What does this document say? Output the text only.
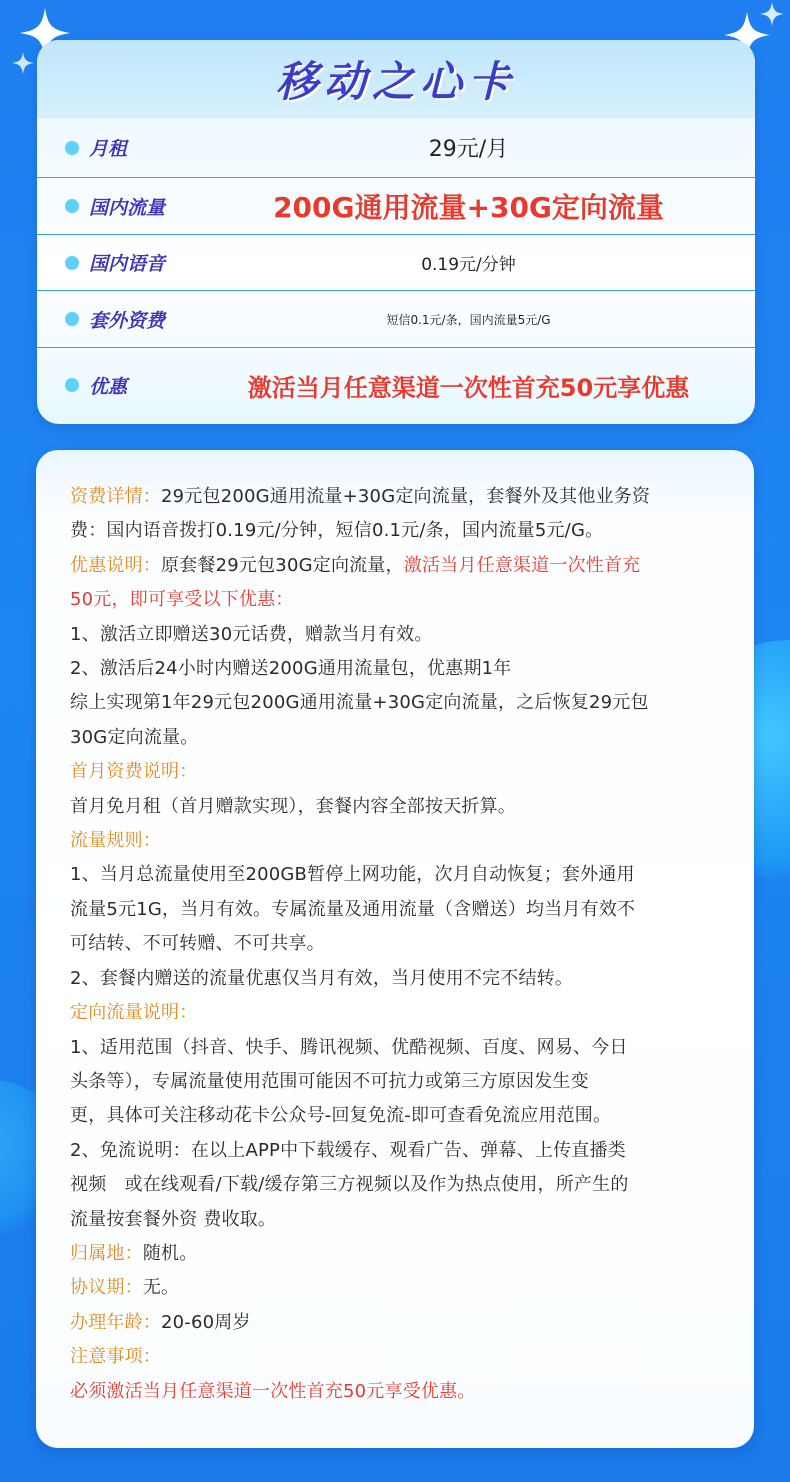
移动之心卡
月租	29元/月
国内流量	200G通用流量+30G定向流量
国内语音	0.19元/分钟
套外资费	短信0.1元/条，国内流量5元/G
优惠	激活当月任意渠道一次性首充50元享优惠
资费详情：29元包200G通用流量+30G定向流量，套餐外及其他业务资
费：国内语音拨打0.19元/分钟，短信0.1元/条，国内流量5元/G。
优惠说明：原套餐29元包30G定向流量，激活当月任意渠道一次性首充
50元，即可享受以下优惠：
1、激活立即赠送30元话费，赠款当月有效。
2、激活后24小时内赠送200G通用流量包，优惠期1年
综上实现第1年29元包200G通用流量+30G定向流量，之后恢复29元包
30G定向流量。
首月资费说明：
首月免月租（首月赠款实现），套餐内容全部按天折算。
流量规则：
1、当月总流量使用至200GB暂停上网功能，次月自动恢复；套外通用
流量5元1G，当月有效。专属流量及通用流量（含赠送）均当月有效不
可结转、不可转赠、不可共享。
2、套餐内赠送的流量优惠仅当月有效，当月使用不完不结转。
定向流量说明：
1、适用范围（抖音、快手、腾讯视频、优酷视频、百度、网易、今日
头条等），专属流量使用范围可能因不可抗力或第三方原因发生变
更，具体可关注移动花卡公众号-回复免流-即可查看免流应用范围。
2、免流说明：在以上APP中下载缓存、观看广告、弹幕、上传直播类
视频　或在线观看/下载/缓存第三方视频以及作为热点使用，所产生的
流量按套餐外资 费收取。
归属地：随机。
协议期：无。
办理年龄：20-60周岁
注意事项：
必须激活当月任意渠道一次性首充50元享受优惠。
